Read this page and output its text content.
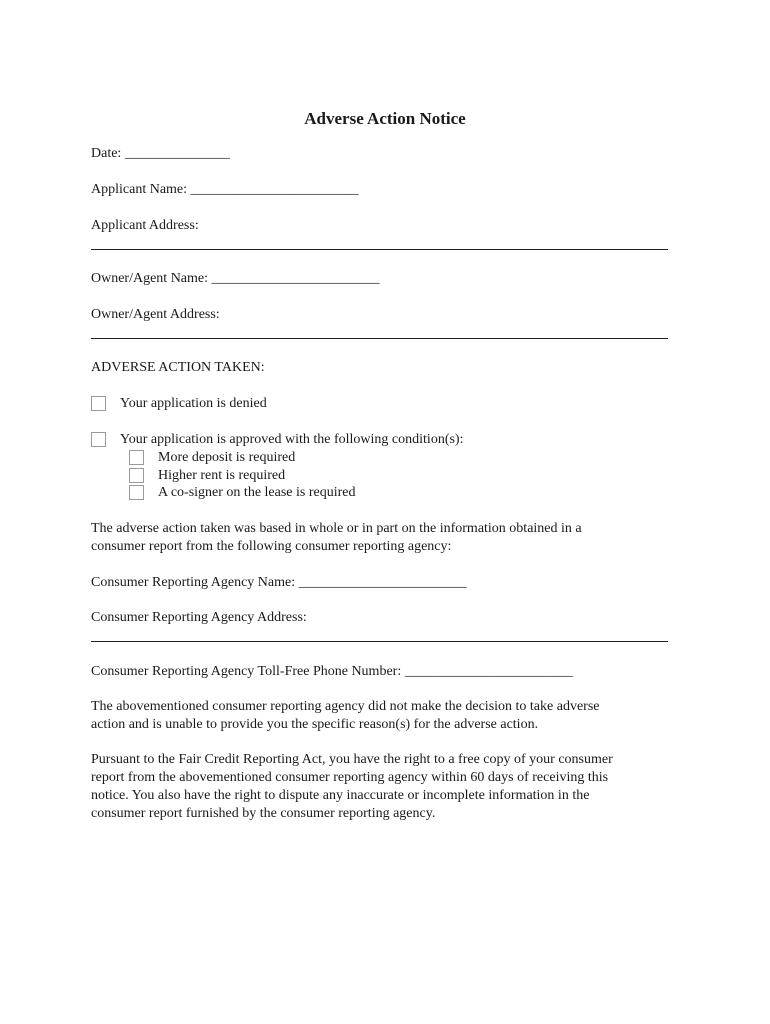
Adverse Action Notice
Date: _______________
Applicant Name: ________________________
Applicant Address:
Owner/Agent Name: ________________________
Owner/Agent Address:
ADVERSE ACTION TAKEN:
Your application is denied
Your application is approved with the following condition(s):
More deposit is required
Higher rent is required
A co-signer on the lease is required
The adverse action taken was based in whole or in part on the information obtained in a
consumer report from the following consumer reporting agency:
Consumer Reporting Agency Name: ________________________
Consumer Reporting Agency Address:
Consumer Reporting Agency Toll-Free Phone Number: ________________________
The abovementioned consumer reporting agency did not make the decision to take adverse
action and is unable to provide you the specific reason(s) for the adverse action.
Pursuant to the Fair Credit Reporting Act, you have the right to a free copy of your consumer
report from the abovementioned consumer reporting agency within 60 days of receiving this
notice. You also have the right to dispute any inaccurate or incomplete information in the
consumer report furnished by the consumer reporting agency.
